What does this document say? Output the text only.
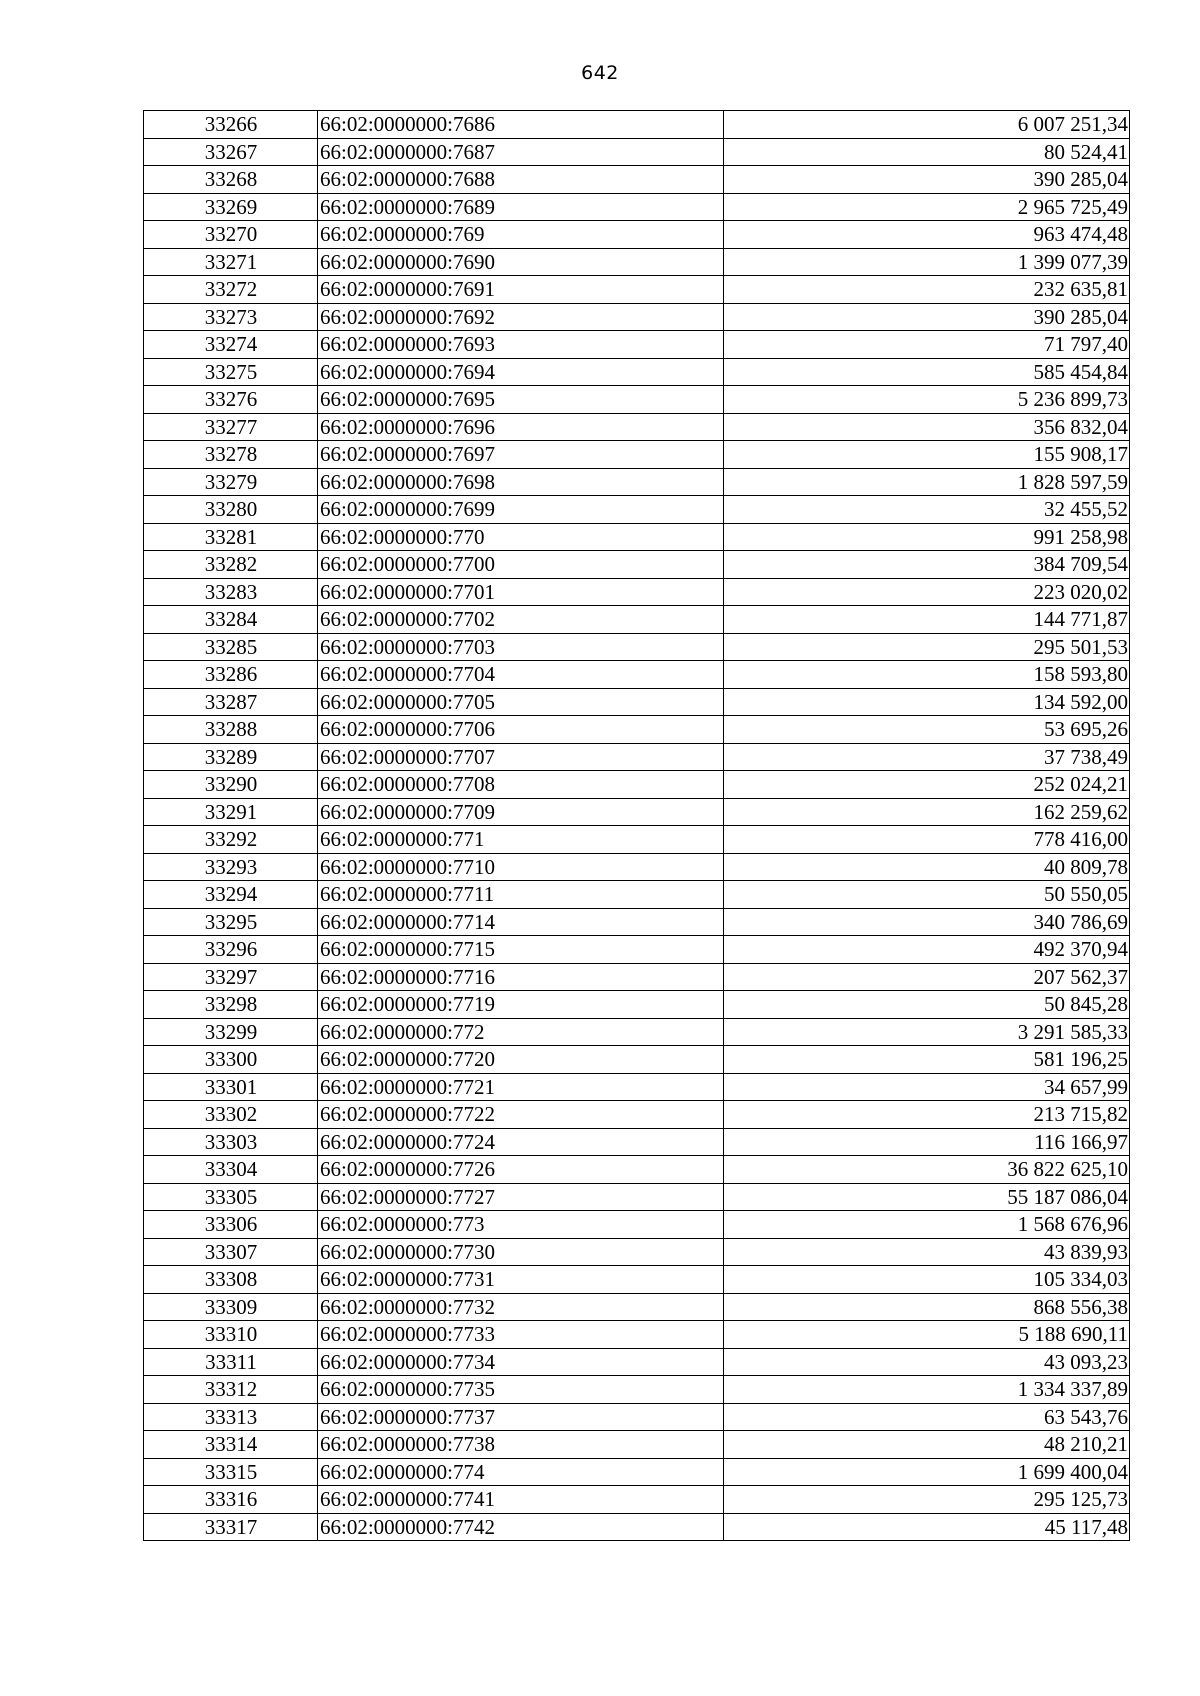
642
33266	66:02:0000000:7686	6 007 251,34
33267	66:02:0000000:7687	80 524,41
33268	66:02:0000000:7688	390 285,04
33269	66:02:0000000:7689	2 965 725,49
33270	66:02:0000000:769	963 474,48
33271	66:02:0000000:7690	1 399 077,39
33272	66:02:0000000:7691	232 635,81
33273	66:02:0000000:7692	390 285,04
33274	66:02:0000000:7693	71 797,40
33275	66:02:0000000:7694	585 454,84
33276	66:02:0000000:7695	5 236 899,73
33277	66:02:0000000:7696	356 832,04
33278	66:02:0000000:7697	155 908,17
33279	66:02:0000000:7698	1 828 597,59
33280	66:02:0000000:7699	32 455,52
33281	66:02:0000000:770	991 258,98
33282	66:02:0000000:7700	384 709,54
33283	66:02:0000000:7701	223 020,02
33284	66:02:0000000:7702	144 771,87
33285	66:02:0000000:7703	295 501,53
33286	66:02:0000000:7704	158 593,80
33287	66:02:0000000:7705	134 592,00
33288	66:02:0000000:7706	53 695,26
33289	66:02:0000000:7707	37 738,49
33290	66:02:0000000:7708	252 024,21
33291	66:02:0000000:7709	162 259,62
33292	66:02:0000000:771	778 416,00
33293	66:02:0000000:7710	40 809,78
33294	66:02:0000000:7711	50 550,05
33295	66:02:0000000:7714	340 786,69
33296	66:02:0000000:7715	492 370,94
33297	66:02:0000000:7716	207 562,37
33298	66:02:0000000:7719	50 845,28
33299	66:02:0000000:772	3 291 585,33
33300	66:02:0000000:7720	581 196,25
33301	66:02:0000000:7721	34 657,99
33302	66:02:0000000:7722	213 715,82
33303	66:02:0000000:7724	116 166,97
33304	66:02:0000000:7726	36 822 625,10
33305	66:02:0000000:7727	55 187 086,04
33306	66:02:0000000:773	1 568 676,96
33307	66:02:0000000:7730	43 839,93
33308	66:02:0000000:7731	105 334,03
33309	66:02:0000000:7732	868 556,38
33310	66:02:0000000:7733	5 188 690,11
33311	66:02:0000000:7734	43 093,23
33312	66:02:0000000:7735	1 334 337,89
33313	66:02:0000000:7737	63 543,76
33314	66:02:0000000:7738	48 210,21
33315	66:02:0000000:774	1 699 400,04
33316	66:02:0000000:7741	295 125,73
33317	66:02:0000000:7742	45 117,48
